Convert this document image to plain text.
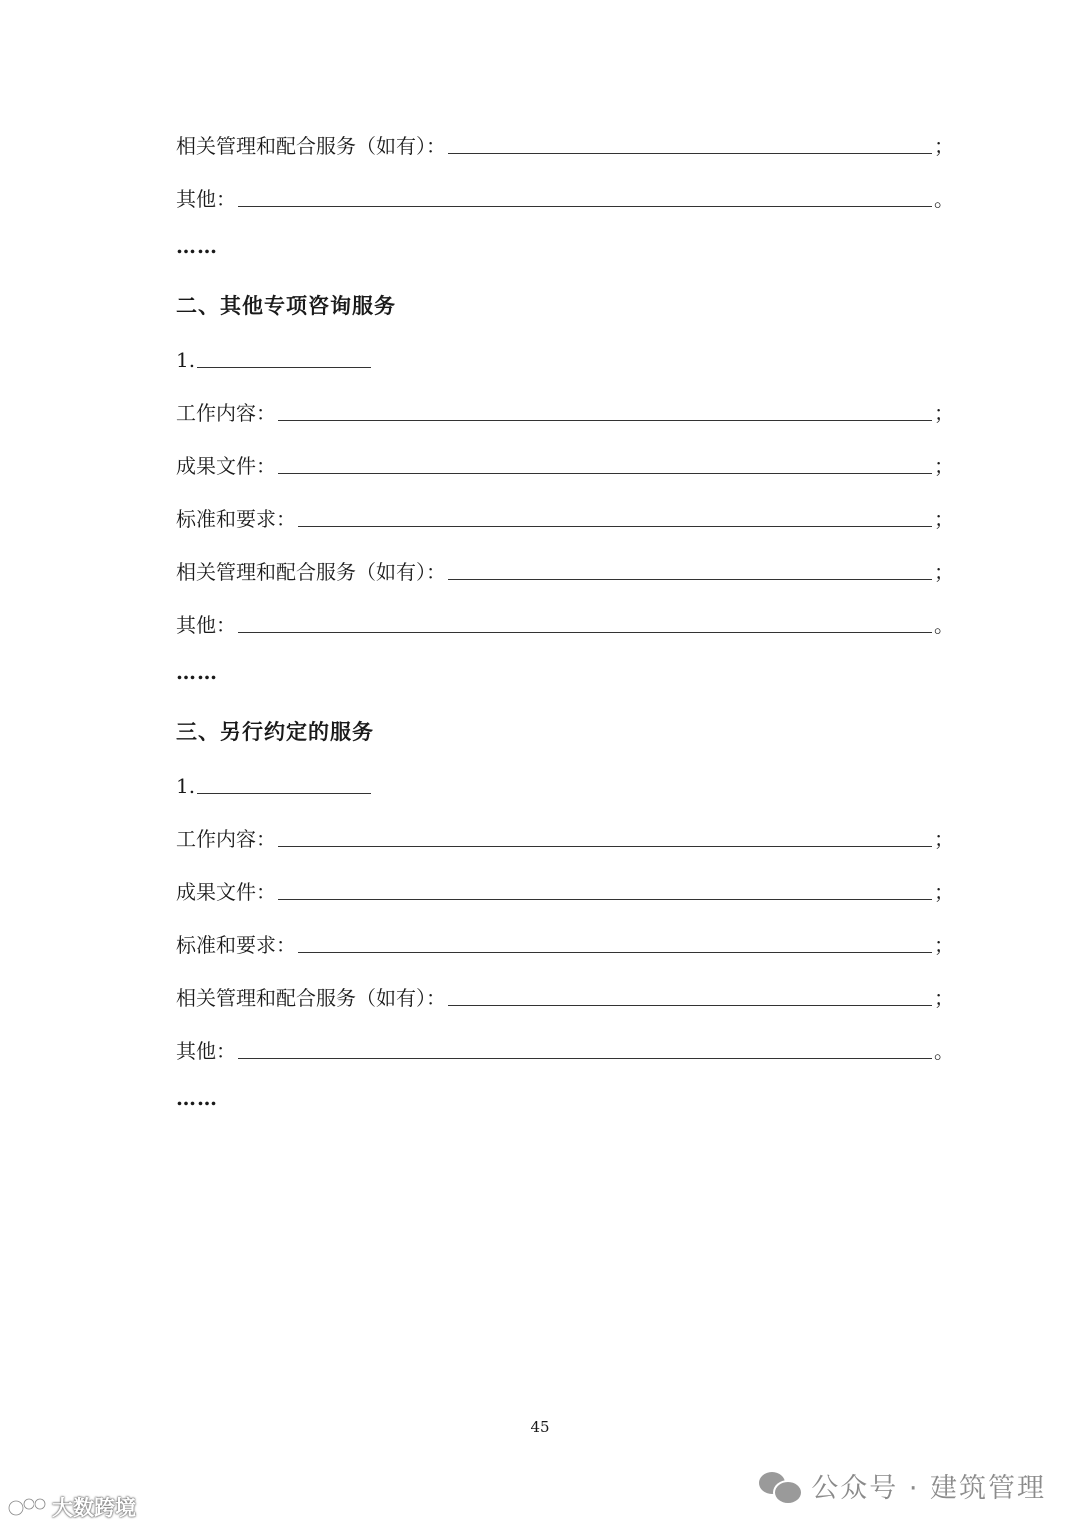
相关管理和配合服务（如有）：	；
其他：	。
……
二、其他专项咨询服务
1.
工作内容：	；
成果文件：	；
标准和要求：	；
相关管理和配合服务（如有）：	；
其他：	。
……
三、另行约定的服务
1.
工作内容：	；
成果文件：	；
标准和要求：	；
相关管理和配合服务（如有）：	；
其他：	。
……
45
公众号 · 建筑管理
大数跨境
